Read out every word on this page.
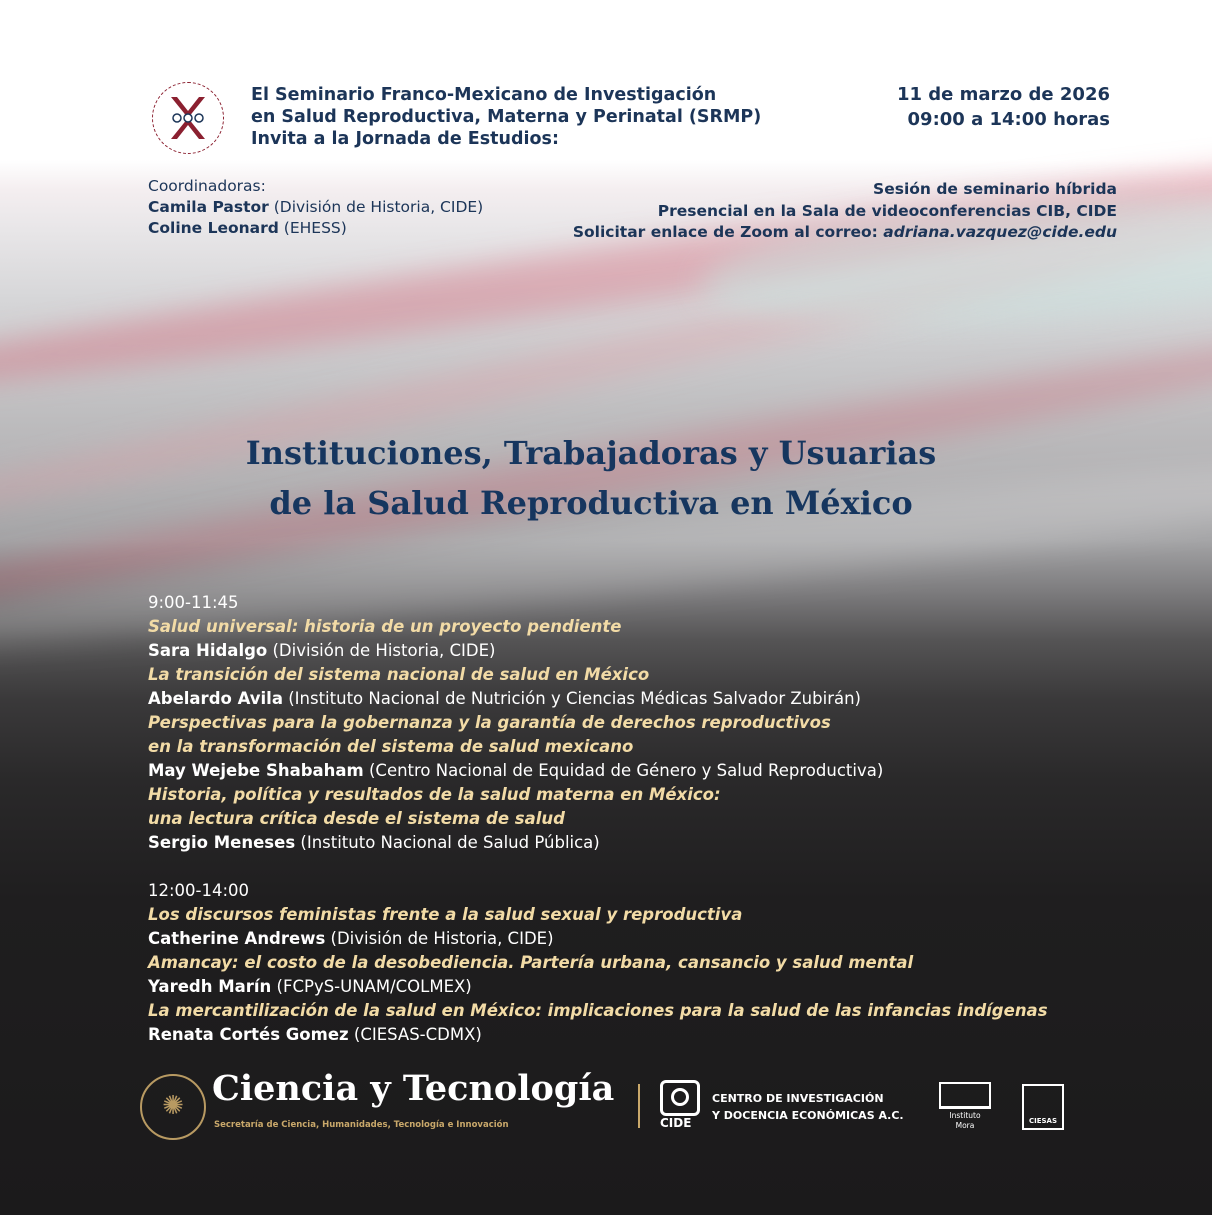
El Seminario Franco-Mexicano de Investigación
en Salud Reproductiva, Materna y Perinatal (SRMP)
Invita a la Jornada de Estudios:
11 de marzo de 2026
09:00 a 14:00 horas
Coordinadoras:
Camila Pastor (División de Historia, CIDE)
Coline Leonard (EHESS)
Sesión de seminario híbrida
Presencial en la Sala de videoconferencias CIB, CIDE
Solicitar enlace de Zoom al correo: adriana.vazquez@cide.edu
Instituciones, Trabajadoras y Usuarias
de la Salud Reproductiva en México
9:00-11:45
Salud universal: historia de un proyecto pendiente
Sara Hidalgo (División de Historia, CIDE)
La transición del sistema nacional de salud en México
Abelardo Avila (Instituto Nacional de Nutrición y Ciencias Médicas Salvador Zubirán)
Perspectivas para la gobernanza y la garantía de derechos reproductivos
en la transformación del sistema de salud mexicano
May Wejebe Shabaham (Centro Nacional de Equidad de Género y Salud Reproductiva)
Historia, política y resultados de la salud materna en México:
una lectura crítica desde el sistema de salud
Sergio Meneses (Instituto Nacional de Salud Pública)
12:00-14:00
Los discursos feministas frente a la salud sexual y reproductiva
Catherine Andrews (División de Historia, CIDE)
Amancay: el costo de la desobediencia. Partería urbana, cansancio y salud mental
Yaredh Marín (FCPyS-UNAM/COLMEX)
La mercantilización de la salud en México: implicaciones para la salud de las infancias indígenas
Renata Cortés Gomez (CIESAS-CDMX)
✺ Ciencia y Tecnología
Secretaría de Ciencia, Humanidades, Tecnología e Innovación	CIDE
CENTRO DE INVESTIGACIÓN
Y DOCENCIA ECONÓMICAS A.C.	Instituto
Mora	CIESAS
